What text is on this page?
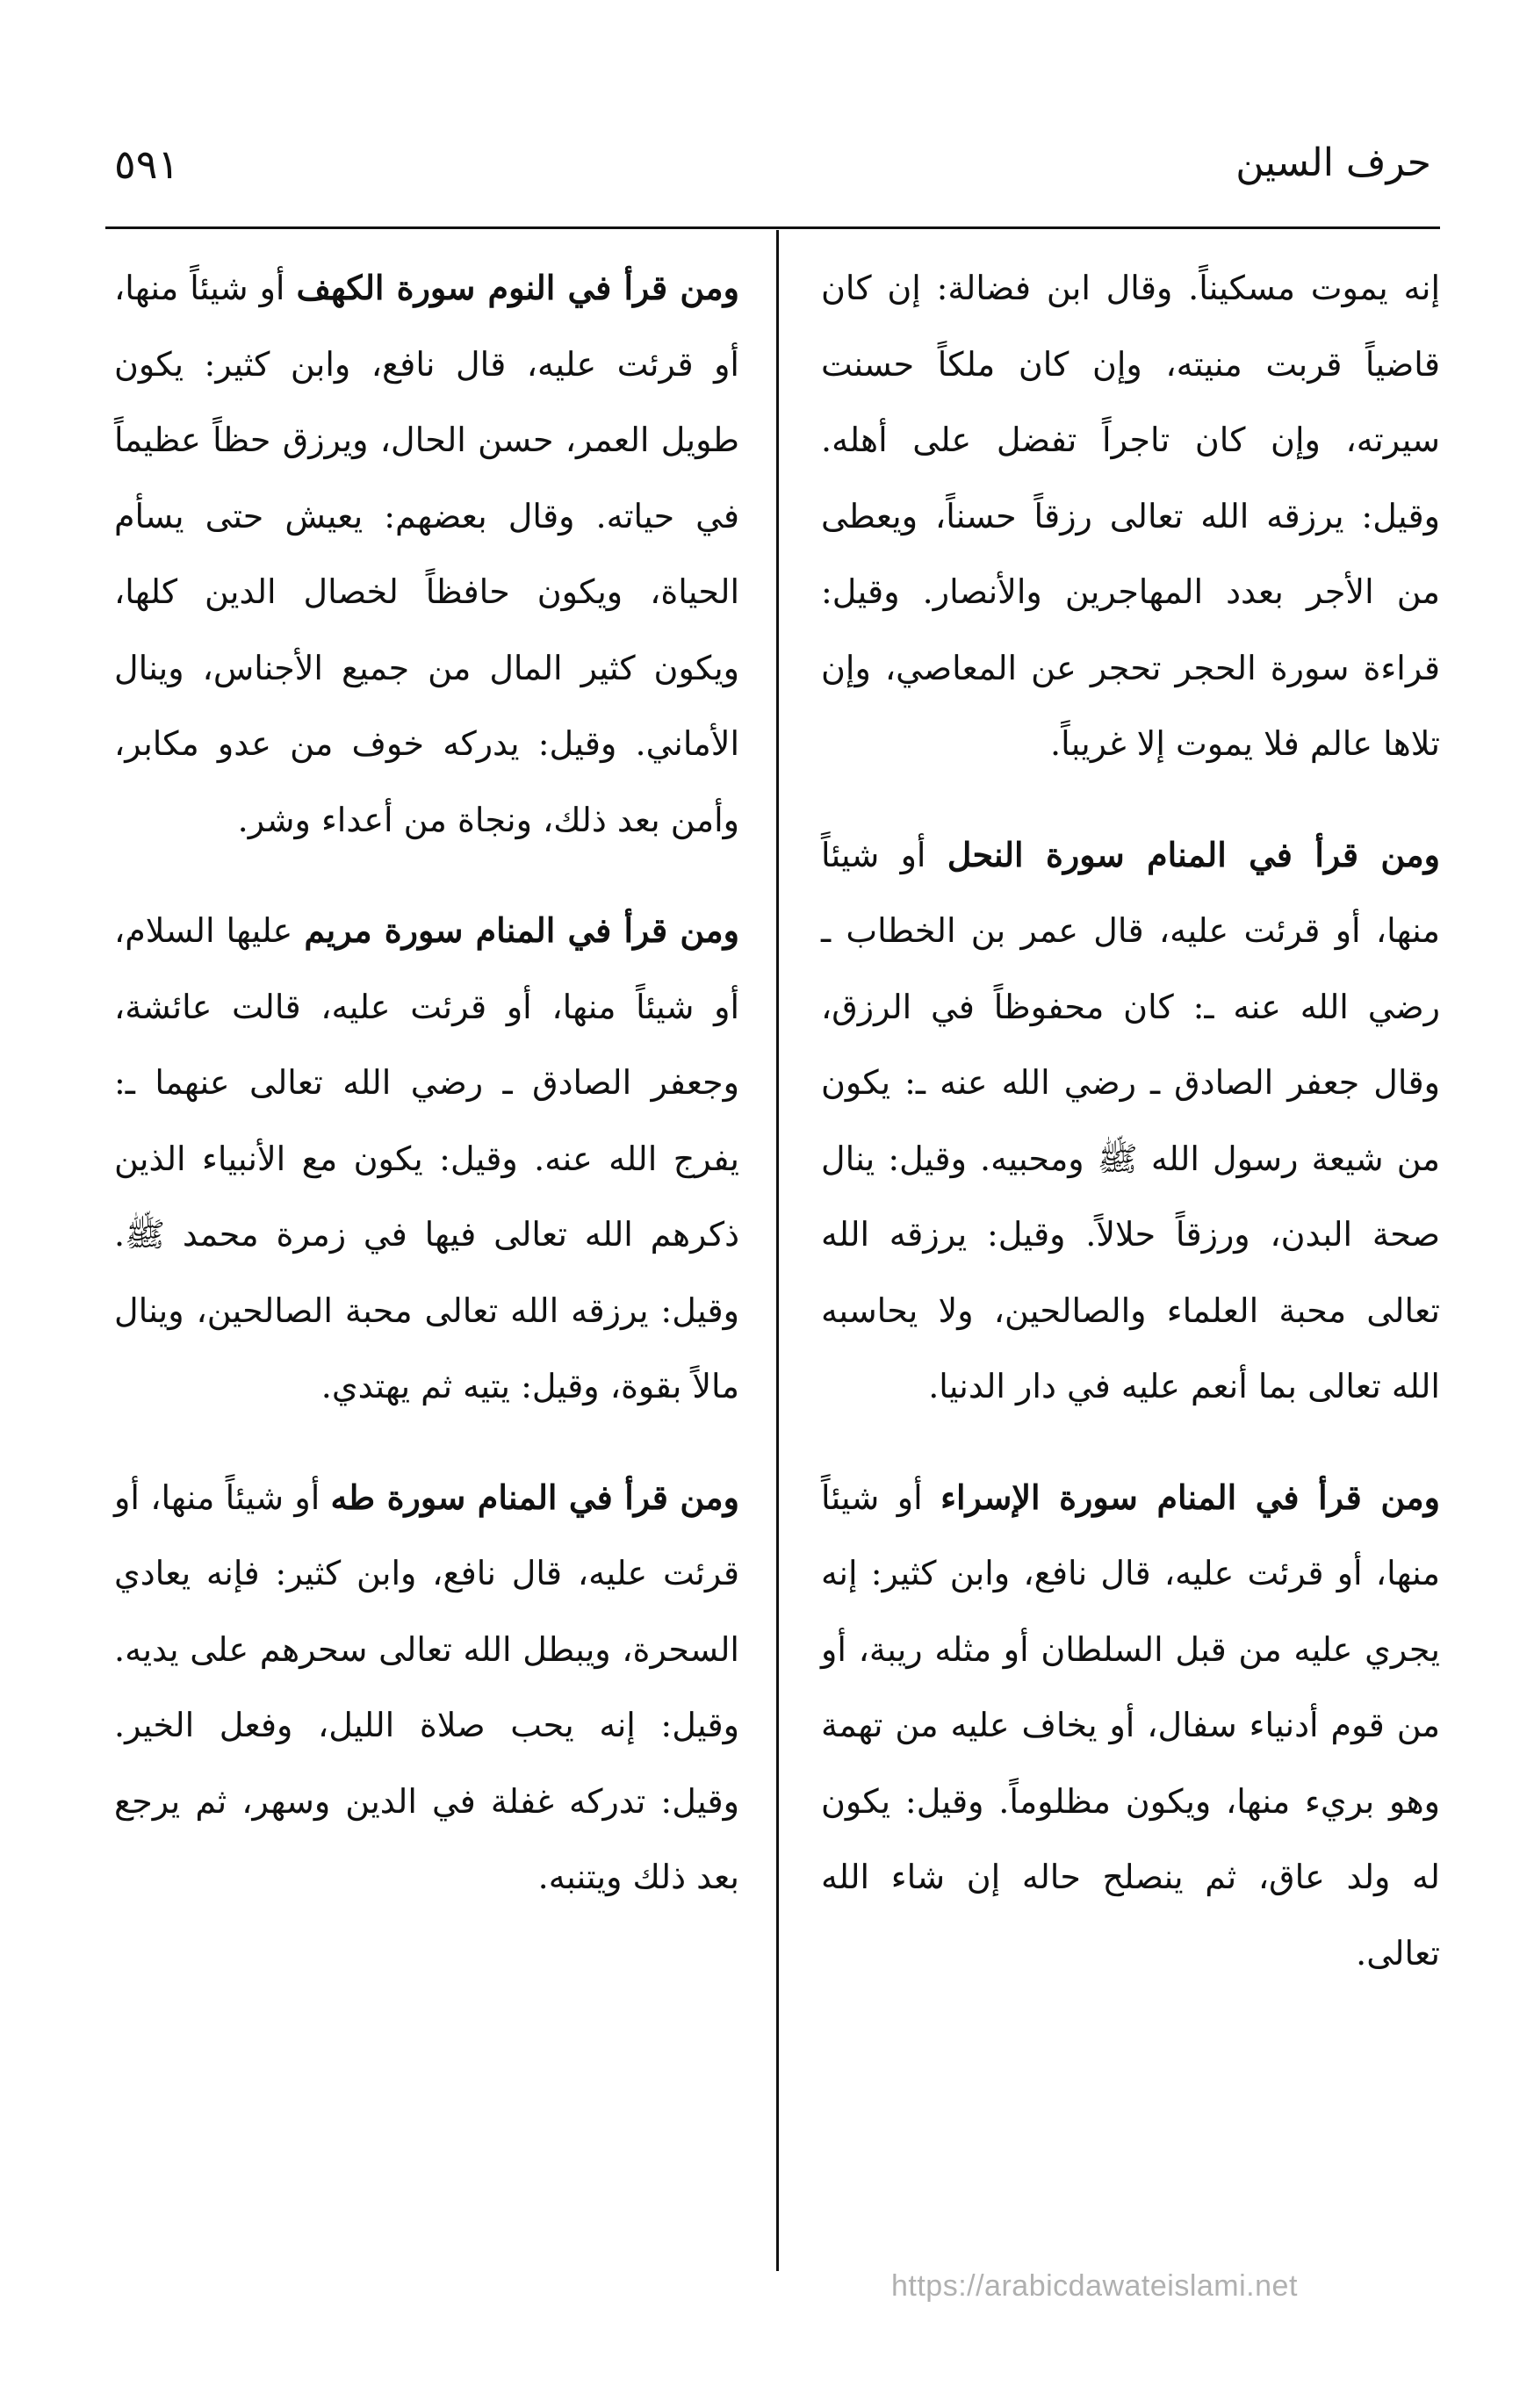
حرف السين
٥٩١

إنه يموت مسكيناً. وقال ابن فضالة: إن كان قاضياً قربت منيته، وإن كان ملكاً حسنت سيرته، وإن كان تاجراً تفضل على أهله. وقيل: يرزقه الله تعالى رزقاً حسناً، ويعطى من الأجر بعدد المهاجرين والأنصار. وقيل: قراءة سورة الحجر تحجر عن المعاصي، وإن تلاها عالم فلا يموت إلا غريباً.

ومن قرأ في المنام سورة النحل أو شيئاً منها، أو قرئت عليه، قال عمر بن الخطاب ـ رضي الله عنه ـ: كان محفوظاً في الرزق، وقال جعفر الصادق ـ رضي الله عنه ـ: يكون من شيعة رسول الله ﷺ ومحبيه. وقيل: ينال صحة البدن، ورزقاً حلالاً. وقيل: يرزقه الله تعالى محبة العلماء والصالحين، ولا يحاسبه الله تعالى بما أنعم عليه في دار الدنيا.

ومن قرأ في المنام سورة الإسراء أو شيئاً منها، أو قرئت عليه، قال نافع، وابن كثير: إنه يجري عليه من قبل السلطان أو مثله ريبة، أو من قوم أدنياء سفال، أو يخاف عليه من تهمة وهو بريء منها، ويكون مظلوماً. وقيل: يكون له ولد عاق، ثم ينصلح حاله إن شاء الله تعالى.

ومن قرأ في النوم سورة الكهف أو شيئاً منها، أو قرئت عليه، قال نافع، وابن كثير: يكون طويل العمر، حسن الحال، ويرزق حظاً عظيماً في حياته. وقال بعضهم: يعيش حتى يسأم الحياة، ويكون حافظاً لخصال الدين كلها، ويكون كثير المال من جميع الأجناس، وينال الأماني. وقيل: يدركه خوف من عدو مكابر، وأمن بعد ذلك، ونجاة من أعداء وشر.

ومن قرأ في المنام سورة مريم عليها السلام، أو شيئاً منها، أو قرئت عليه، قالت عائشة، وجعفر الصادق ـ رضي الله تعالى عنهما ـ: يفرج الله عنه. وقيل: يكون مع الأنبياء الذين ذكرهم الله تعالى فيها في زمرة محمد ﷺ. وقيل: يرزقه الله تعالى محبة الصالحين، وينال مالاً بقوة، وقيل: يتيه ثم يهتدي.

ومن قرأ في المنام سورة طه أو شيئاً منها، أو قرئت عليه، قال نافع، وابن كثير: فإنه يعادي السحرة، ويبطل الله تعالى سحرهم على يديه. وقيل: إنه يحب صلاة الليل، وفعل الخير. وقيل: تدركه غفلة في الدين وسهر، ثم يرجع بعد ذلك ويتنبه.

https://arabicdawateislami.net
